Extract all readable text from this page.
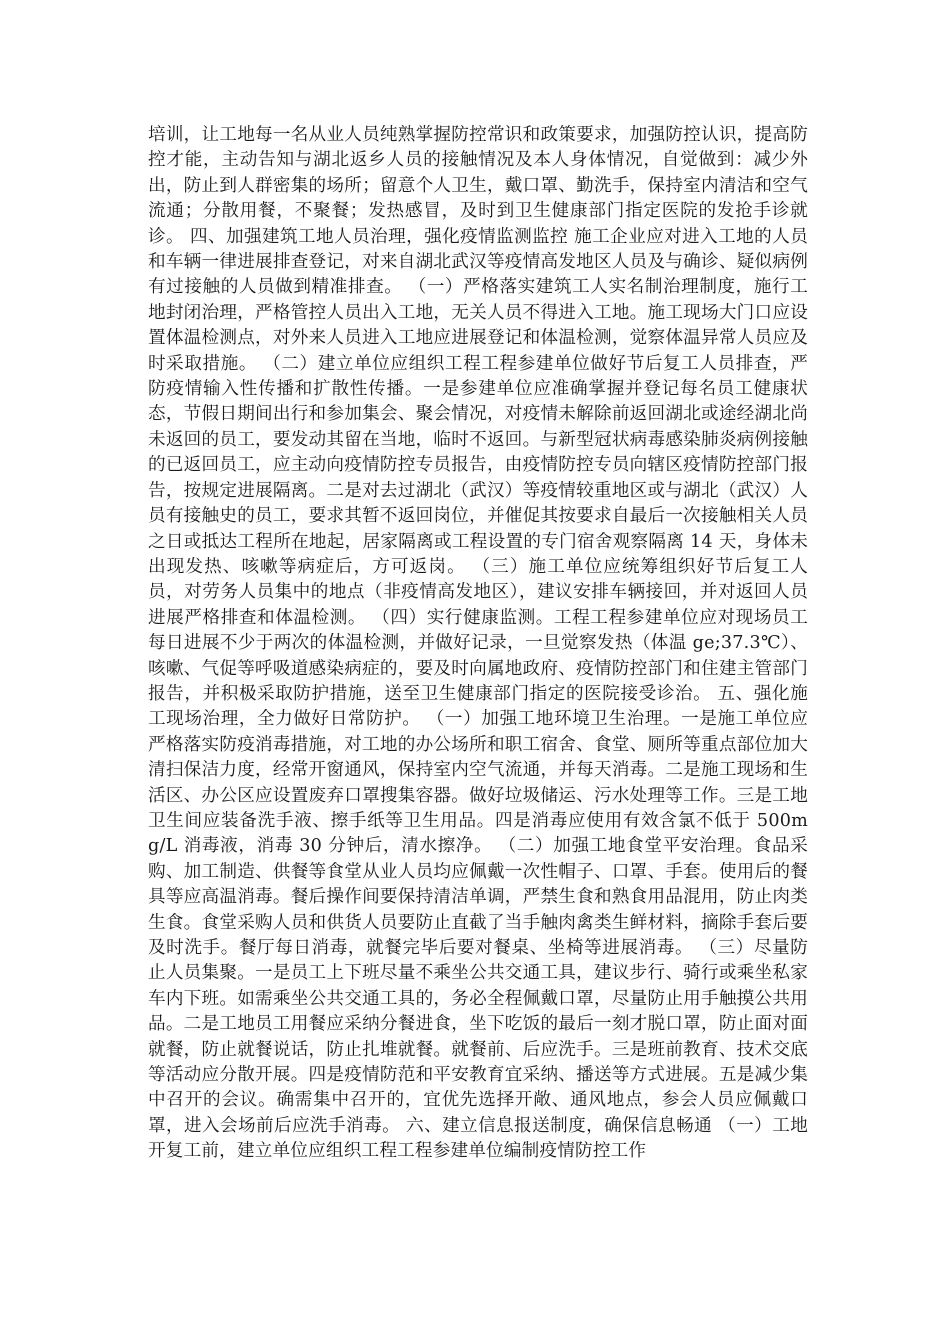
培训，让工地每一名从业人员纯熟掌握防控常识和政策要求，加强防控认识，提高防控才能，主动告知与湖北返乡人员的接触情况及本人身体情况，自觉做到：减少外出，防止到人群密集的场所；留意个人卫生，戴口罩、勤洗手，保持室内清洁和空气流通；分散用餐，不聚餐；发热感冒，及时到卫生健康部门指定医院的发抢手诊就诊。 四、加强建筑工地人员治理，强化疫情监测监控 施工企业应对进入工地的人员和车辆一律进展排查登记，对来自湖北武汉等疫情高发地区人员及与确诊、疑似病例有过接触的人员做到精准排查。 （一）严格落实建筑工人实名制治理制度，施行工地封闭治理，严格管控人员出入工地，无关人员不得进入工地。施工现场大门口应设置体温检测点，对外来人员进入工地应进展登记和体温检测，觉察体温异常人员应及时采取措施。 （二）建立单位应组织工程工程参建单位做好节后复工人员排查，严防疫情输入性传播和扩散性传播。一是参建单位应准确掌握并登记每名员工健康状态，节假日期间出行和参加集会、聚会情况，对疫情未解除前返回湖北或途经湖北尚未返回的员工，要发动其留在当地，临时不返回。与新型冠状病毒感染肺炎病例接触的已返回员工，应主动向疫情防控专员报告，由疫情防控专员向辖区疫情防控部门报告，按规定进展隔离。二是对去过湖北（武汉）等疫情较重地区或与湖北（武汉）人员有接触史的员工，要求其暂不返回岗位，并催促其按要求自最后一次接触相关人员之日或抵达工程所在地起，居家隔离或工程设置的专门宿舍观察隔离 14 天，身体未出现发热、咳嗽等病症后，方可返岗。 （三）施工单位应统筹组织好节后复工人员，对劳务人员集中的地点（非疫情高发地区），建议安排车辆接回，并对返回人员进展严格排查和体温检测。 （四）实行健康监测。工程工程参建单位应对现场员工每日进展不少于两次的体温检测，并做好记录，一旦觉察发热（体温 ge;37.3℃）、咳嗽、气促等呼吸道感染病症的，要及时向属地政府、疫情防控部门和住建主管部门报告，并积极采取防护措施，送至卫生健康部门指定的医院接受诊治。 五、强化施工现场治理，全力做好日常防护。 （一）加强工地环境卫生治理。一是施工单位应严格落实防疫消毒措施，对工地的办公场所和职工宿舍、食堂、厕所等重点部位加大清扫保洁力度，经常开窗通风，保持室内空气流通，并每天消毒。二是施工现场和生活区、办公区应设置废弃口罩搜集容器。做好垃圾储运、污水处理等工作。三是工地卫生间应装备洗手液、擦手纸等卫生用品。四是消毒应使用有效含氯不低于 500mg/L 消毒液，消毒 30 分钟后，清水擦净。 （二）加强工地食堂平安治理。食品采购、加工制造、供餐等食堂从业人员均应佩戴一次性帽子、口罩、手套。使用后的餐具等应高温消毒。餐后操作间要保持清洁单调，严禁生食和熟食用品混用，防止肉类生食。食堂采购人员和供货人员要防止直截了当手触肉禽类生鲜材料，摘除手套后要及时洗手。餐厅每日消毒，就餐完毕后要对餐桌、坐椅等进展消毒。 （三）尽量防止人员集聚。一是员工上下班尽量不乘坐公共交通工具，建议步行、骑行或乘坐私家车内下班。如需乘坐公共交通工具的，务必全程佩戴口罩，尽量防止用手触摸公共用品。二是工地员工用餐应采纳分餐进食，坐下吃饭的最后一刻才脱口罩，防止面对面就餐，防止就餐说话，防止扎堆就餐。就餐前、后应洗手。三是班前教育、技术交底等活动应分散开展。四是疫情防范和平安教育宜采纳、播送等方式进展。五是减少集中召开的会议。确需集中召开的，宜优先选择开敞、通风地点，参会人员应佩戴口罩，进入会场前后应洗手消毒。 六、建立信息报送制度，确保信息畅通 （一）工地开复工前，建立单位应组织工程工程参建单位编制疫情防控工作
